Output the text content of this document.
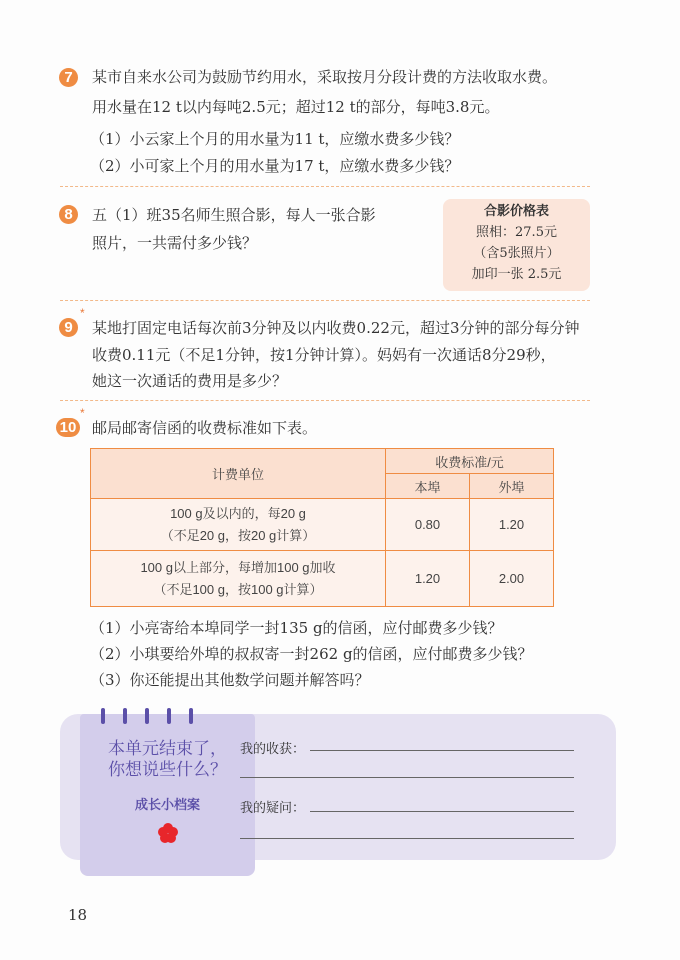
7	某市自来水公司为鼓励节约用水，采取按月分段计费的方法收取水费。
用水量在12 t以内每吨2.5元；超过12 t的部分，每吨3.8元。
（1）小云家上个月的用水量为11 t，应缴水费多少钱？
（2）小可家上个月的用水量为17 t，应缴水费多少钱？
8	五（1）班35名师生照合影，每人一张合影
照片，一共需付多少钱？
合影价格表
照相：27.5元
（含5张照片）
加印一张 2.5元
9
*
某地打固定电话每次前3分钟及以内收费0.22元，超过3分钟的部分每分钟
收费0.11元（不足1分钟，按1分钟计算）。妈妈有一次通话8分29秒，
她这一次通话的费用是多少？
10
*
邮局邮寄信函的收费标准如下表。
计费单位	收费标准/元	
	本埠	外埠

100 g及以内的，每20 g
（不足20 g，按20 g计算）	0.80	1.20

100 g以上部分，每增加100 g加收
（不足100 g，按100 g计算）	1.20	2.00
（1）小亮寄给本埠同学一封135 g的信函，应付邮费多少钱？
（2）小琪要给外埠的叔叔寄一封262 g的信函，应付邮费多少钱？
（3）你还能提出其他数学问题并解答吗？
本单元结束了，
你想说些什么？
成长小档案
我的收获：
我的疑问：
18
